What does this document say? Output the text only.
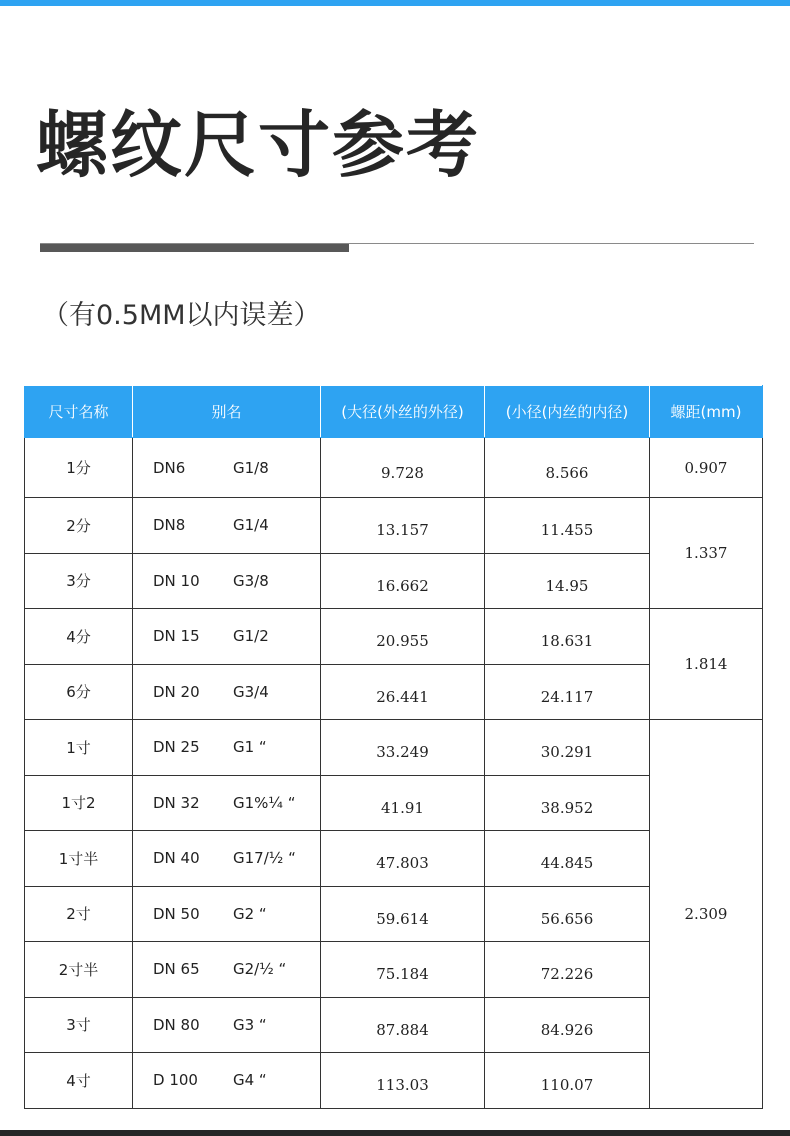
螺纹尺寸参考
（有0.5MM以内误差）
尺寸名称	别名	(大径(外丝的外径)	(小径(内丝的内径)	螺距(mm)
1分	DN6 G1/8	9.728	8.566	0.907
2分	DN8 G1/4	13.157	11.455	1.337
3分	DN 10 G3/8	16.662	14.95	
4分	DN 15 G1/2	20.955	18.631	1.814
6分	DN 20 G3/4	26.441	24.117	
1寸	DN 25 G1 “	33.249	30.291	2.309
1寸2	DN 32 G1%¼ “	41.91	38.952	
1寸半	DN 40 G17/½ “	47.803	44.845	
2寸	DN 50 G2 “	59.614	56.656	
2寸半	DN 65 G2/½ “	75.184	72.226	
3寸	DN 80 G3 “	87.884	84.926	
4寸	D 100 G4 “	113.03	110.07	
